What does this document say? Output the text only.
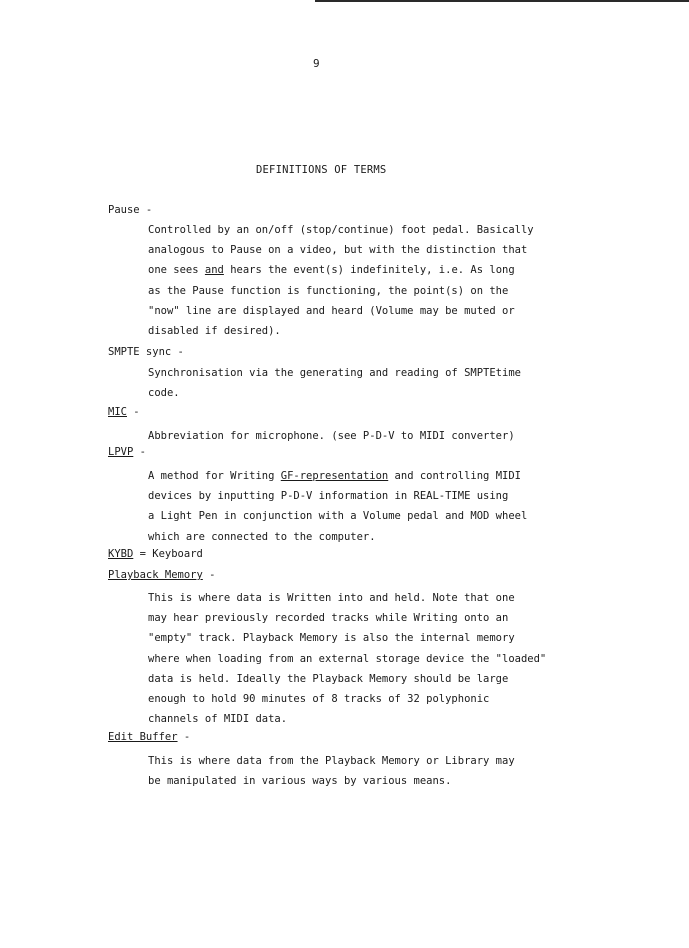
9
DEFINITIONS OF TERMS
Pause -
Controlled by an on/off (stop/continue) foot pedal. Basically
analogous to Pause on a video, but with the distinction that
one sees and hears the event(s) indefinitely, i.e. As long
as the Pause function is functioning, the point(s) on the
"now" line are displayed and heard (Volume may be muted or
disabled if desired).
SMPTE sync -
Synchronisation via the generating and reading of SMPTEtime
code.
MIC -
Abbreviation for microphone. (see P-D-V to MIDI converter)
LPVP -
A method for Writing GF-representation and controlling MIDI
devices by inputting P-D-V information in REAL-TIME using
a Light Pen in conjunction with a Volume pedal and MOD wheel
which are connected to the computer.
KYBD = Keyboard
Playback Memory -
This is where data is Written into and held. Note that one
may hear previously recorded tracks while Writing onto an
"empty" track. Playback Memory is also the internal memory
where when loading from an external storage device the "loaded"
data is held. Ideally the Playback Memory should be large
enough to hold 90 minutes of 8 tracks of 32 polyphonic
channels of MIDI data.
Edit Buffer -
This is where data from the Playback Memory or Library may
be manipulated in various ways by various means.
